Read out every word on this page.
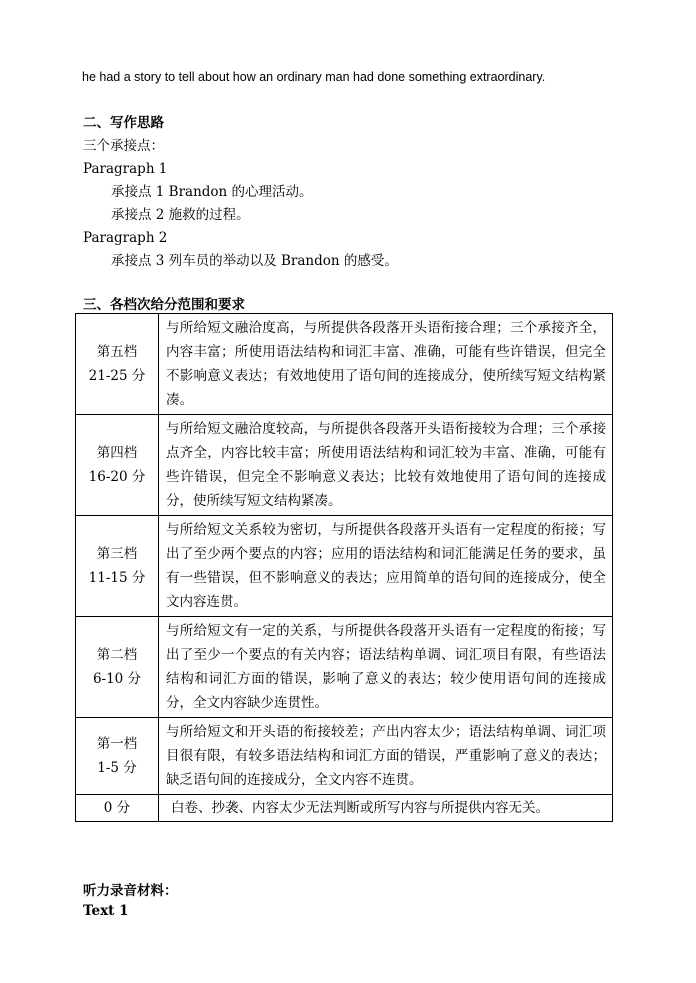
he had a story to tell about how an ordinary man had done something extraordinary.
二、写作思路
三个承接点：
Paragraph 1
承接点 1 Brandon 的心理活动。
承接点 2 施救的过程。
Paragraph 2
承接点 3 列车员的举动以及 Brandon 的感受。
三、各档次给分范围和要求
第五档
21-25 分	与所给短文融洽度高，与所提供各段落开头语衔接合理；三个承接齐全，内容丰富；所使用语法结构和词汇丰富、准确，可能有些许错误，但完全不影响意义表达；有效地使用了语句间的连接成分，使所续写短文结构紧凑。

第四档
16-20 分	与所给短文融洽度较高，与所提供各段落开头语衔接较为合理；三个承接点齐全，内容比较丰富；所使用语法结构和词汇较为丰富、准确，可能有些许错误，但完全不影响意义表达；比较有效地使用了语句间的连接成分，使所续写短文结构紧凑。

第三档
11-15 分	与所给短文关系较为密切，与所提供各段落开头语有一定程度的衔接；写出了至少两个要点的内容；应用的语法结构和词汇能满足任务的要求，虽有一些错误，但不影响意义的表达；应用简单的语句间的连接成分，使全文内容连贯。

第二档
6-10 分	与所给短文有一定的关系，与所提供各段落开头语有一定程度的衔接；写出了至少一个要点的有关内容；语法结构单调、词汇项目有限，有些语法结构和词汇方面的错误，影响了意义的表达；较少使用语句间的连接成分，全文内容缺少连贯性。

第一档
1-5 分	与所给短文和开头语的衔接较差；产出内容太少；语法结构单调、词汇项目很有限，有较多语法结构和词汇方面的错误，严重影响了意义的表达；缺乏语句间的连接成分，全文内容不连贯。

0 分	白卷、抄袭、内容太少无法判断或所写内容与所提供内容无关。
听力录音材料：
Text 1
